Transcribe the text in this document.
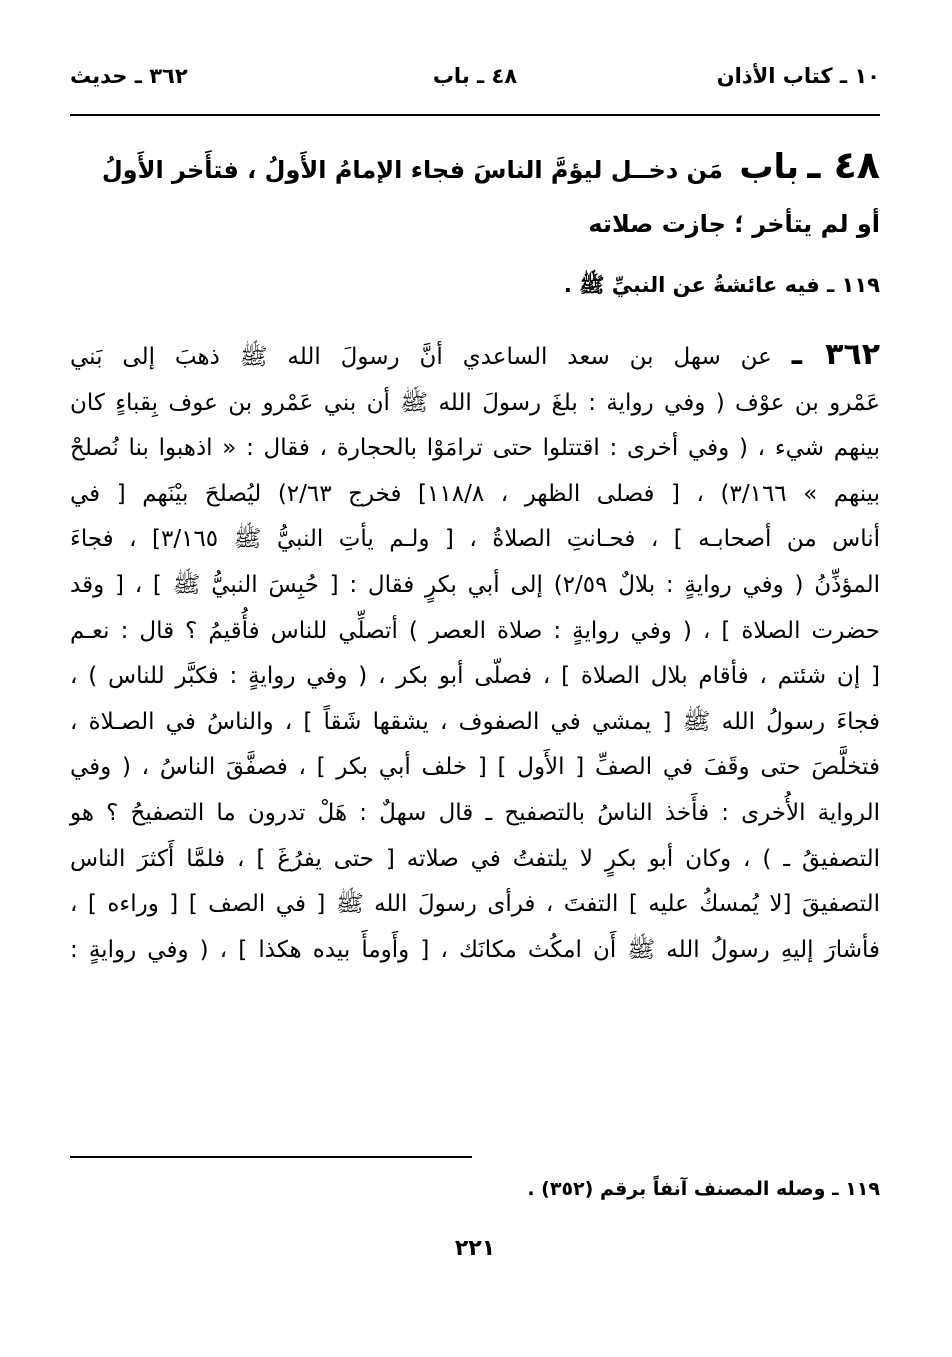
١٠ ـ كتاب الأذان
٤٨ ـ باب
٣٦٢ ـ حديث
٤٨ ـ باب مَن دخــل ليؤمَّ الناسَ فجاء الإمامُ الأَولُ ، فتأَخر الأَولُ
أو لم يتأخر ؛ جازت صلاته
١١٩ ـ فيه عائشةُ عن النبيِّ ﷺ .
٣٦٢ ـ عن سهل بن سعد الساعدي أنَّ رسولَ الله ﷺ ذهبَ إلى بَني
عَمْرو بن عوْف ( وفي رواية : بلغَ رسولَ الله ﷺ أن بني عَمْرو بن عوف بِقباءٍ كان
بينهم شيء ، ( وفي أخرى : اقتتلوا حتى ترامَوْا بالحجارة ، فقال : « اذهبوا بنا نُصلحْ
بينهم » ٣/١٦٦) ، [ فصلى الظهر ، ١١٨/٨] فخرج ٢/٦٣) ليُصلحَ بيْنَهم [ في
أناس من أصحابـه ] ، فحـانتِ الصلاةُ ، [ ولـم يأتِ النبيُّ ﷺ ٣/١٦٥] ، فجاءَ
المؤذِّنُ ( وفي روايةٍ : بلالٌ ٢/٥٩) إلى أبي بكرٍ فقال : [ حُبِسَ النبيُّ ﷺ ] ، [ وقد
حضرت الصلاة ] ، ( وفي روايةٍ : صلاة العصر ) أتصلِّي للناس فأُقيمُ ؟ قال : نعـم
[ إن شئتم ، فأقام بلال الصلاة ] ، فصلّى أبو بكر ، ( وفي روايةٍ : فكبَّر للناس ) ،
فجاءَ رسولُ الله ﷺ [ يمشي في الصفوف ، يشقها شَقاً ] ، والناسُ في الصـلاة ،
فتخلَّصَ حتى وقَفَ في الصفِّ [ الأَول ] [ خلف أبي بكر ] ، فصفَّقَ الناسُ ، ( وفي
الرواية الأُخرى : فأَخذ الناسُ بالتصفيح ـ قال سهلٌ : هَلْ تدرون ما التصفيحُ ؟ هو
التصفيقُ ـ ) ، وكان أبو بكرٍ لا يلتفتُ في صلاته [ حتى يفرُغَ ] ، فلمَّا أَكثرَ الناس
التصفيقَ [لا يُمسكُ عليه ] التفتَ ، فرأى رسولَ الله ﷺ [ في الصف ] [ وراءه ] ،
فأشارَ إليهِ رسولُ الله ﷺ أَن امكُث مكانَك ، [ وأَومأَ بيده هكذا ] ، ( وفي روايةٍ :
١١٩ ـ وصله المصنف آنفاً برقم (٣٥٢) .
٢٢١
